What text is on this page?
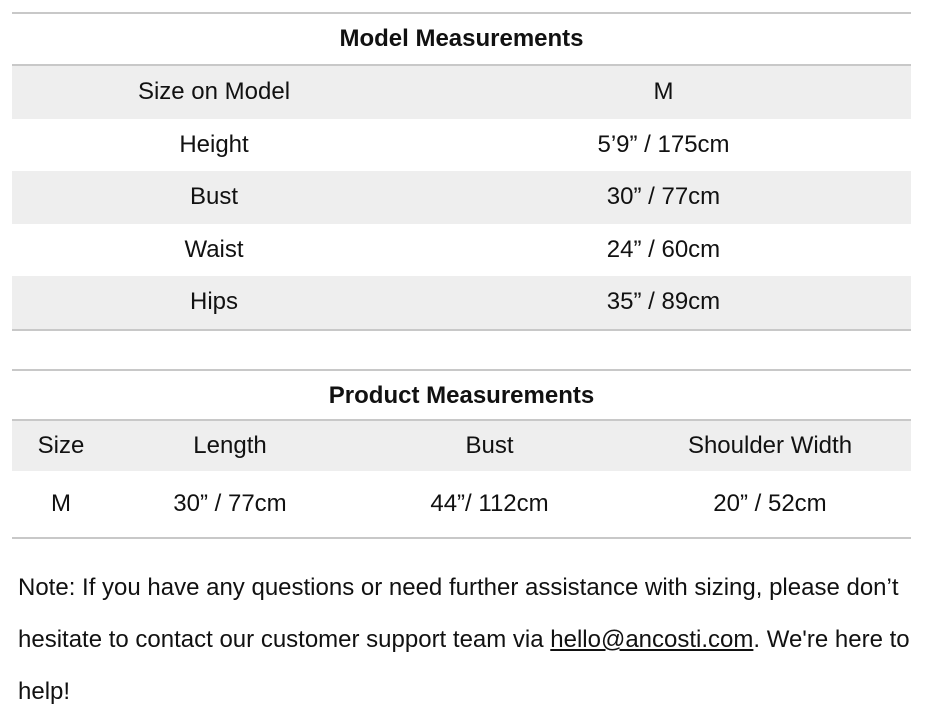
Model Measurements
Size on Model	M
Height	5’9” / 175cm
Bust	30” / 77cm
Waist	24” / 60cm
Hips	35” / 89cm
Product Measurements
Size	Length	Bust	Shoulder Width
M	30” / 77cm	44”/ 112cm	20” / 52cm
Note: If you have any questions or need further assistance with sizing, please don’t hesitate to contact our customer support team via hello@ancosti.com. We're here to help!
